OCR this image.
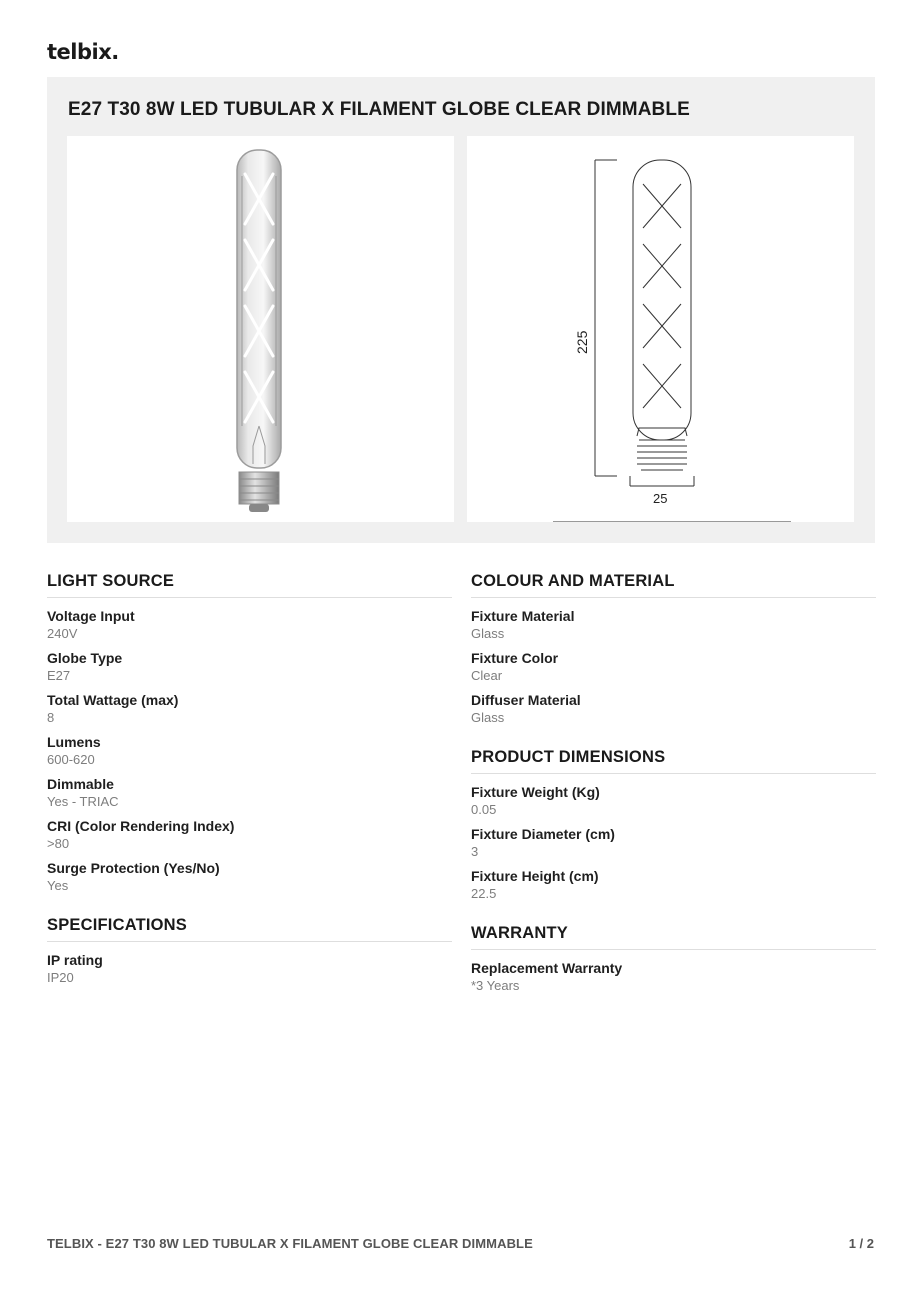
telbix.
E27 T30 8W LED TUBULAR X FILAMENT GLOBE CLEAR DIMMABLE
225
25
LIGHT SOURCE
Voltage Input
240V
Globe Type
E27
Total Wattage (max)
8
Lumens
600-620
Dimmable
Yes - TRIAC
CRI (Color Rendering Index)
>80
Surge Protection (Yes/No)
Yes
SPECIFICATIONS
IP rating
IP20
COLOUR AND MATERIAL
Fixture Material
Glass
Fixture Color
Clear
Diffuser Material
Glass
PRODUCT DIMENSIONS
Fixture Weight (Kg)
0.05
Fixture Diameter (cm)
3
Fixture Height (cm)
22.5
WARRANTY
Replacement Warranty
*3 Years
TELBIX - E27 T30 8W LED TUBULAR X FILAMENT GLOBE CLEAR DIMMABLE	1 / 2
